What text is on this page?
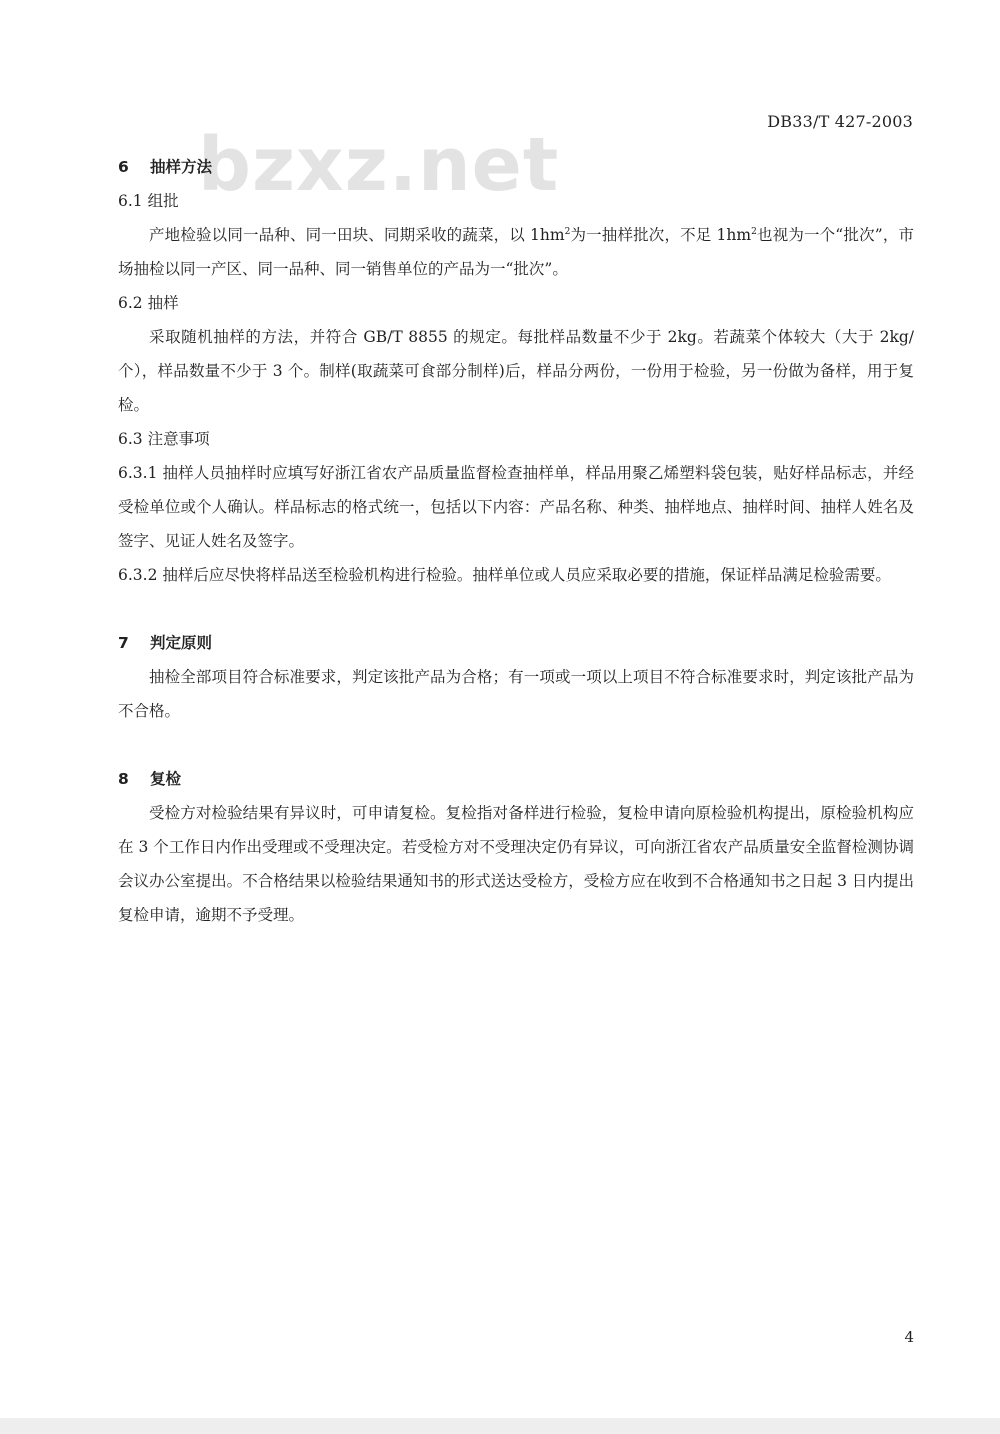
DB33/T 427-2003
bzxz.net
6 抽样方法
6.1 组批
产地检验以同一品种、同一田块、同期采收的蔬菜，以 $1hm^2$为一抽样批次，不足 $1hm^2$也视为一个“批次”，市场抽检以同一产区、同一品种、同一销售单位的产品为一“批次”。
6.2 抽样
采取随机抽样的方法，并符合 GB/T 8855 的规定。每批样品数量不少于 2kg。若蔬菜个体较大（大于 2kg/个），样品数量不少于 3 个。制样(取蔬菜可食部分制样)后，样品分两份，一份用于检验，另一份做为备样，用于复检。
6.3 注意事项
6.3.1 抽样人员抽样时应填写好浙江省农产品质量监督检查抽样单，样品用聚乙烯塑料袋包装，贴好样品标志，并经受检单位或个人确认。样品标志的格式统一，包括以下内容：产品名称、种类、抽样地点、抽样时间、抽样人姓名及签字、见证人姓名及签字。
6.3.2 抽样后应尽快将样品送至检验机构进行检验。抽样单位或人员应采取必要的措施，保证样品满足检验需要。
7 判定原则
抽检全部项目符合标准要求，判定该批产品为合格；有一项或一项以上项目不符合标准要求时，判定该批产品为不合格。
8 复检
受检方对检验结果有异议时，可申请复检。复检指对备样进行检验，复检申请向原检验机构提出，原检验机构应在 3 个工作日内作出受理或不受理决定。若受检方对不受理决定仍有异议，可向浙江省农产品质量安全监督检测协调会议办公室提出。不合格结果以检验结果通知书的形式送达受检方，受检方应在收到不合格通知书之日起 3 日内提出复检申请，逾期不予受理。
4
